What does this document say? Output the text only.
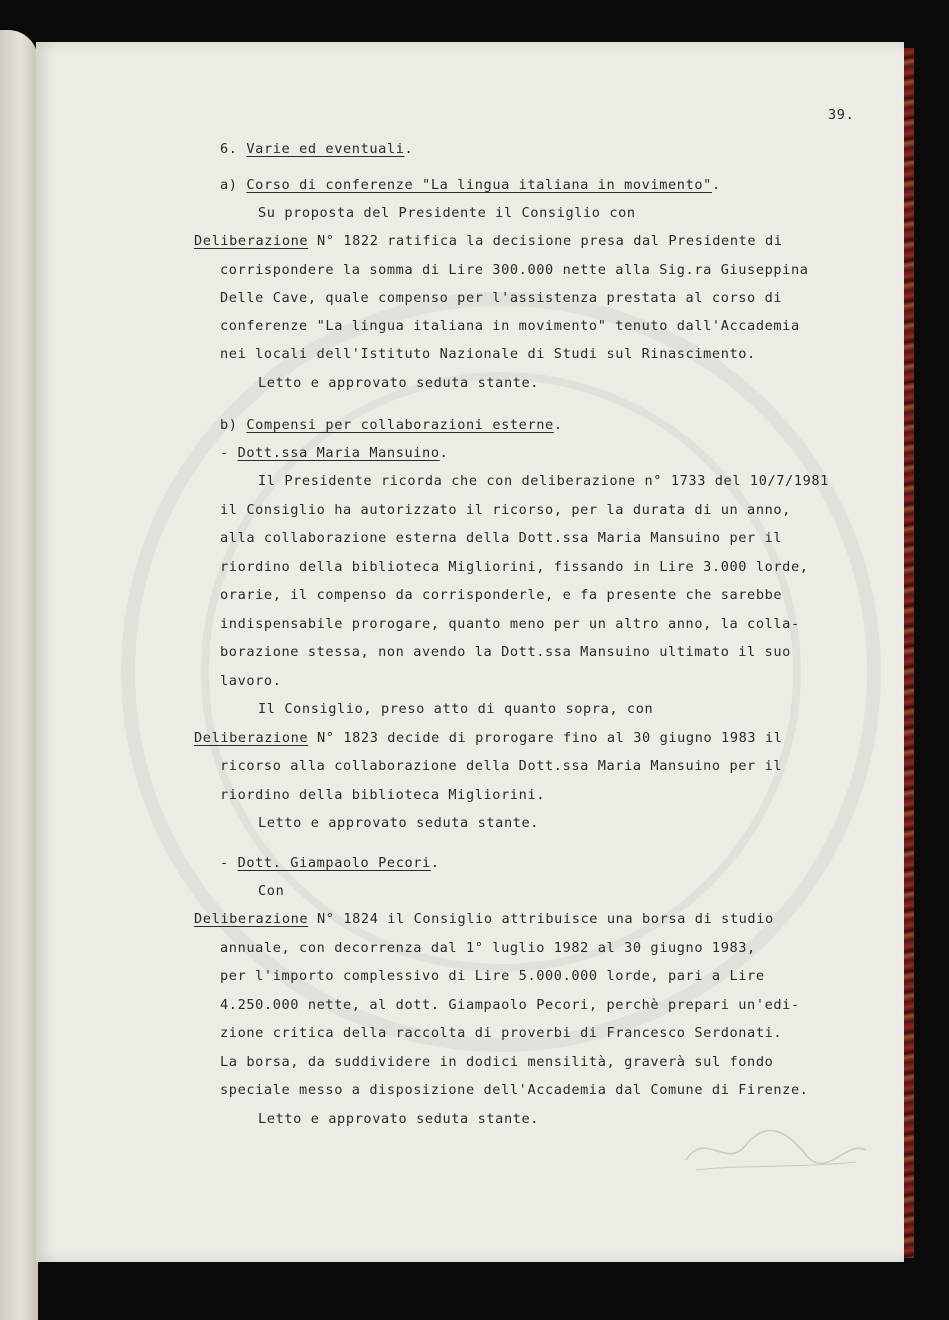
39.
6. Varie ed eventuali.
a) Corso di conferenze "La lingua italiana in movimento".
Su proposta del Presidente il Consiglio con
Deliberazione N° 1822 ratifica la decisione presa dal Presidente di
corrispondere la somma di Lire 300.000 nette alla Sig.ra Giuseppina
Delle Cave, quale compenso per l'assistenza prestata al corso di
conferenze "La lingua italiana in movimento" tenuto dall'Accademia
nei locali dell'Istituto Nazionale di Studi sul Rinascimento.
Letto e approvato seduta stante.
b) Compensi per collaborazioni esterne.
- Dott.ssa Maria Mansuino.
Il Presidente ricorda che con deliberazione n° 1733 del 10/7/1981
il Consiglio ha autorizzato il ricorso, per la durata di un anno,
alla collaborazione esterna della Dott.ssa Maria Mansuino per il
riordino della biblioteca Migliorini, fissando in Lire 3.000 lorde,
orarie, il compenso da corrisponderle, e fa presente che sarebbe
indispensabile prorogare, quanto meno per un altro anno, la colla-
borazione stessa, non avendo la Dott.ssa Mansuino ultimato il suo
lavoro.
Il Consiglio, preso atto di quanto sopra, con
Deliberazione N° 1823 decide di prorogare fino al 30 giugno 1983 il
ricorso alla collaborazione della Dott.ssa Maria Mansuino per il
riordino della biblioteca Migliorini.
Letto e approvato seduta stante.
- Dott. Giampaolo Pecori.
Con
Deliberazione N° 1824 il Consiglio attribuisce una borsa di studio
annuale, con decorrenza dal 1° luglio 1982 al 30 giugno 1983,
per l'importo complessivo di Lire 5.000.000 lorde, pari a Lire
4.250.000 nette, al dott. Giampaolo Pecori, perchè prepari un'edi-
zione critica della raccolta di proverbi di Francesco Serdonati.
La borsa, da suddividere in dodici mensilità, graverà sul fondo
speciale messo a disposizione dell'Accademia dal Comune di Firenze.
Letto e approvato seduta stante.
